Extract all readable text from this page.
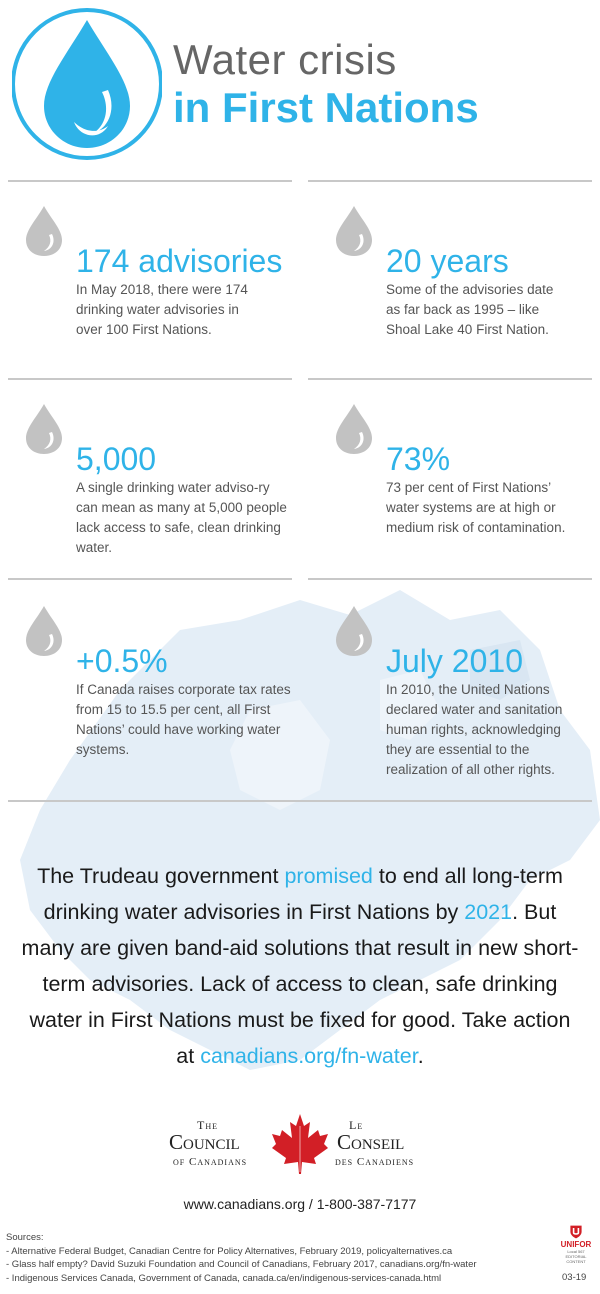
Water crisis
in First Nations
174 advisories
In May 2018, there were 174 drinking water advisories in over 100 First Nations.
20 years
Some of the advisories date as far back as 1995 – like Shoal Lake 40 First Nation.
5,000
A single drinking water adviso-ry can mean as many at 5,000 people lack access to safe, clean drinking water.
73%
73 per cent of First Nations’ water systems are at high or medium risk of contamination.
+0.5%
If Canada raises corporate tax rates from 15 to 15.5 per cent, all First Nations’ could have working water systems.
July 2010
In 2010, the United Nations declared water and sanitation human rights, acknowledging they are essential to the realization of all other rights.
The Trudeau government promised to end all long-term drinking water advisories in First Nations by 2021. But many are given band-aid solutions that result in new short-term advisories. Lack of access to clean, safe drinking water in First Nations must be fixed for good. Take action at canadians.org/fn-water.
The
Council
of Canadians
Le
Conseil
des Canadiens
www.canadians.org / 1-800-387-7177
Sources:
- Alternative Federal Budget, Canadian Centre for Policy Alternatives, February 2019, policyalternatives.ca
- Glass half empty? David Suzuki Foundation and Council of Canadians, February 2017, canadians.org/fn-water
- Indigenous Services Canada, Government of Canada, canada.ca/en/indigenous-services-canada.html
UNIFOR
Local 567 EDITORIAL CONTENT
03-19
